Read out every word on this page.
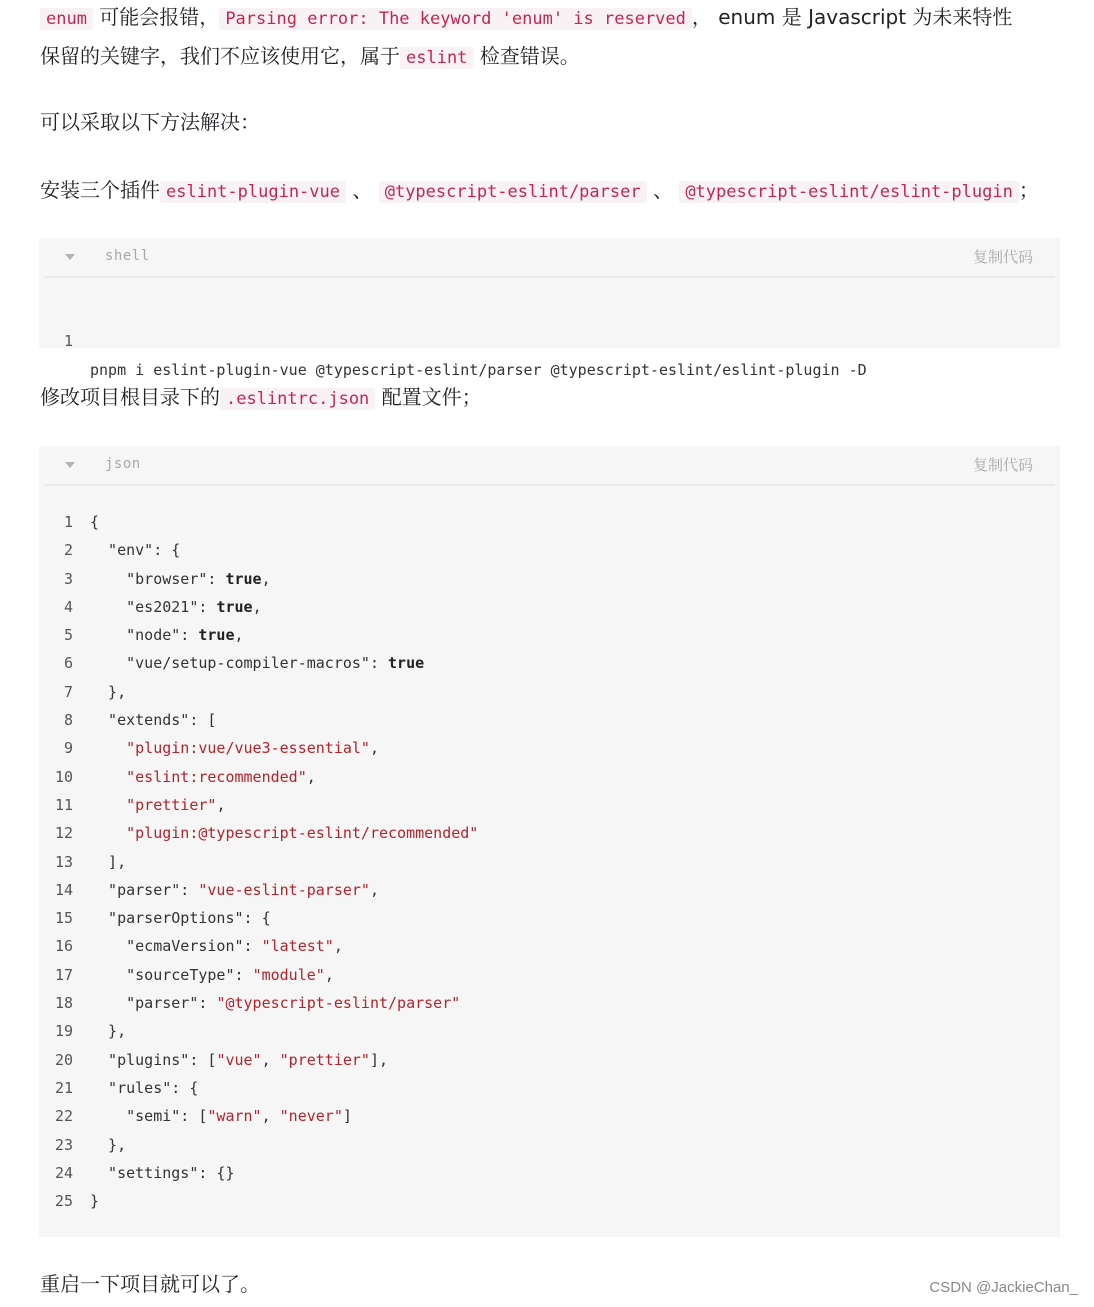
enum 可能会报错， Parsing error: The keyword 'enum' is reserved ， enum 是 Javascript 为未来特性
保留的关键字，我们不应该使用它，属于 eslint 检查错误。
可以采取以下方法解决：
安装三个插件 eslint-plugin-vue 、 @typescript-eslint/parser 、 @typescript-eslint/eslint-plugin ；
shell	复制代码

1

pnpm i eslint-plugin-vue @typescript-eslint/parser @typescript-eslint/eslint-plugin -D

修改项目根目录下的 .eslintrc.json 配置文件；
json	复制代码
1 {
2 "env": {
3 "browser": true,
4 "es2021": true,
5 "node": true,
6 "vue/setup-compiler-macros": true
7 },
8 "extends": [
9	"plugin:vue/vue3-essential",
10	"eslint:recommended",
11	"prettier",
12	"plugin:@typescript-eslint/recommended"
13 ],
14 "parser": "vue-eslint-parser",
15 "parserOptions": {
16 "ecmaVersion": "latest",
17 "sourceType": "module",
18 "parser": "@typescript-eslint/parser"
19 },
20 "plugins": ["vue", "prettier"],
21 "rules": {
22 "semi": ["warn", "never"]
23 },
24 "settings": {}
25 }
重启一下项目就可以了。	CSDN @JackieChan_
